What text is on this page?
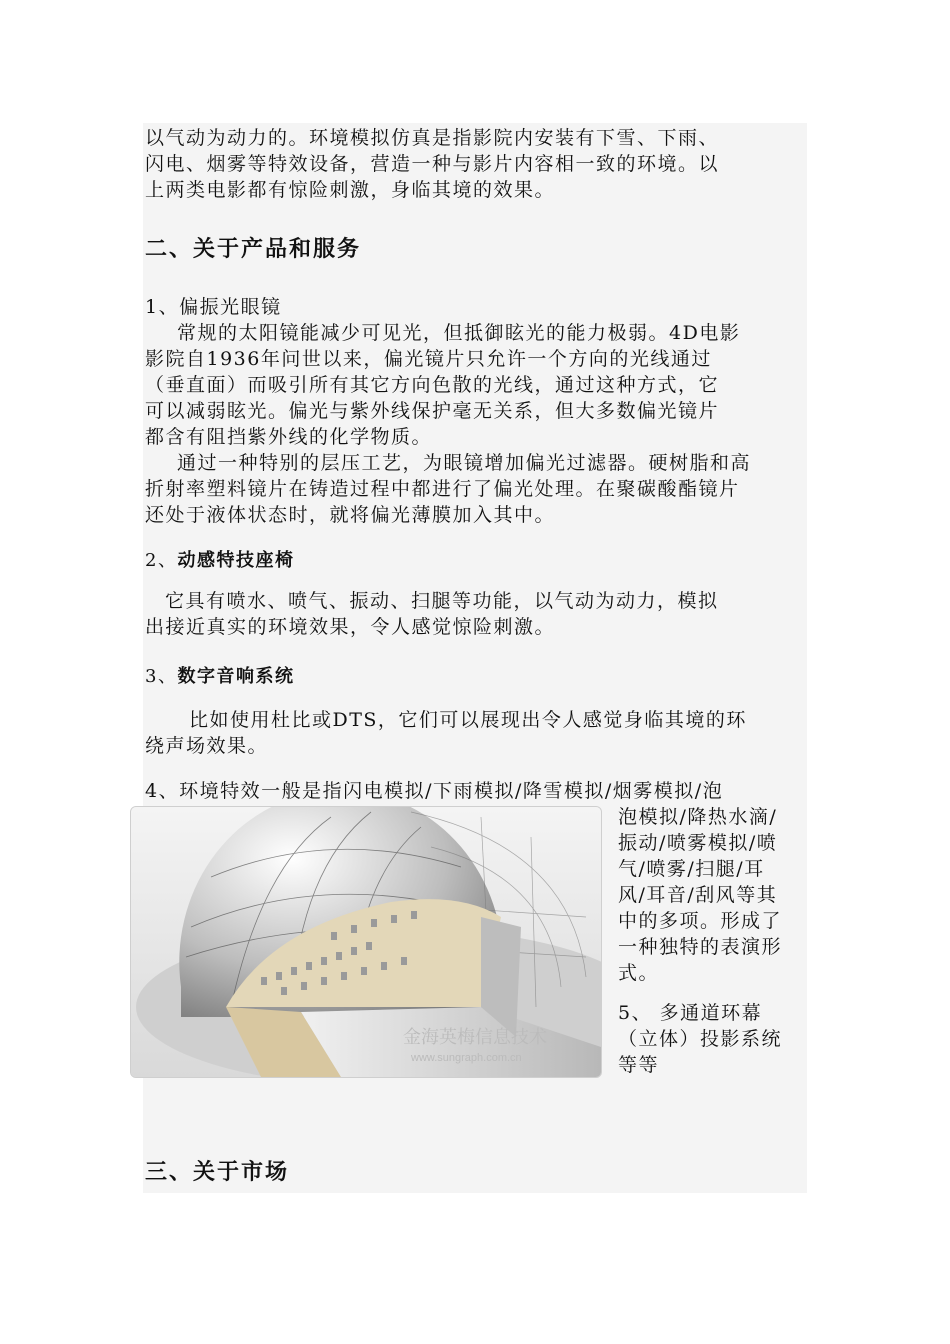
以气动为动力的。环境模拟仿真是指影院内安装有下雪、下雨、
闪电、烟雾等特效设备，营造一种与影片内容相一致的环境。以
上两类电影都有惊险刺激，身临其境的效果。
二、关于产品和服务
1、偏振光眼镜
常规的太阳镜能减少可见光，但抵御眩光的能力极弱。4D电影
影院自1936年问世以来，偏光镜片只允许一个方向的光线通过
（垂直面）而吸引所有其它方向色散的光线，通过这种方式，它
可以减弱眩光。偏光与紫外线保护毫无关系，但大多数偏光镜片
都含有阻挡紫外线的化学物质。
通过一种特别的层压工艺，为眼镜增加偏光过滤器。硬树脂和高
折射率塑料镜片在铸造过程中都进行了偏光处理。在聚碳酸酯镜片
还处于液体状态时，就将偏光薄膜加入其中。
2、动感特技座椅
它具有喷水、喷气、振动、扫腿等功能，以气动为动力，模拟
出接近真实的环境效果，令人感觉惊险刺激。
3、数字音响系统
比如使用杜比或DTS，它们可以展现出令人感觉身临其境的环
绕声场效果。
4、环境特效一般是指闪电模拟/下雨模拟/降雪模拟/烟雾模拟/泡
金海英梅信息技术
www.sungraph.com.cn
泡模拟/降热水滴/
振动/喷雾模拟/喷
气/喷雾/扫腿/耳
风/耳音/刮风等其
中的多项。形成了
一种独特的表演形
式。
5、 多通道环幕
（立体）投影系统
等等
三、关于市场
